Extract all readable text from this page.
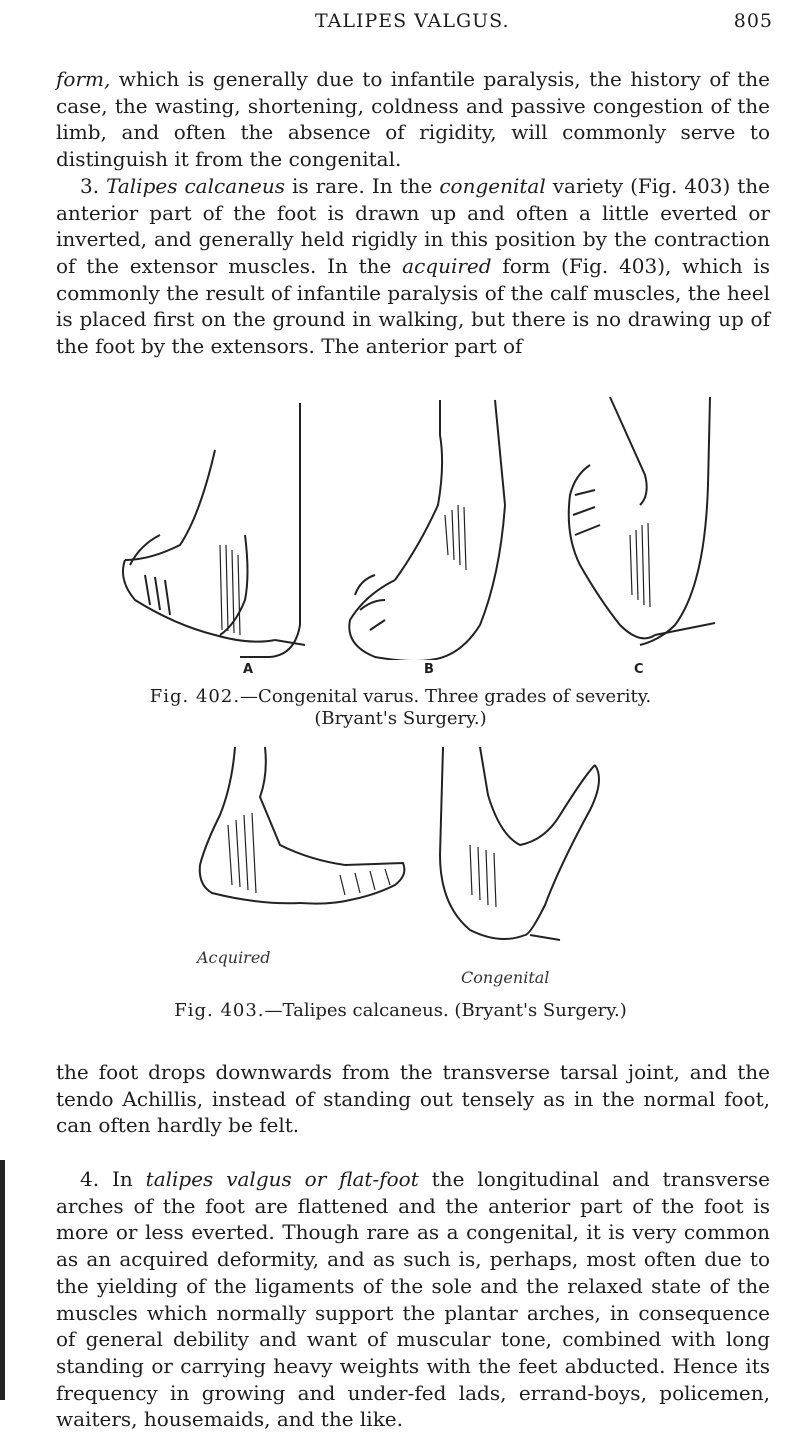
TALIPES VALGUS.	805

form, which is generally due to infantile paralysis, the history of the case, the wasting, shortening, coldness and passive congestion of the limb, and often the absence of rigidity, will commonly serve to distinguish it from the congenital.
3. Talipes calcaneus is rare. In the congenital variety (Fig. 403) the anterior part of the foot is drawn up and often a little everted or inverted, and generally held rigidly in this position by the contraction of the extensor muscles. In the acquired form (Fig. 403), which is commonly the result of infantile paralysis of the calf muscles, the heel is placed first on the ground in walking, but there is no drawing up of the foot by the extensors. The anterior part of

A	B	C
Fig. 402.—Congenital varus. Three grades of severity.
(Bryant's Surgery.)
Acquired
Congenital
Fig. 403.—Talipes calcaneus. (Bryant's Surgery.)

the foot drops downwards from the transverse tarsal joint, and the tendo Achillis, instead of standing out tensely as in the normal foot, can often hardly be felt.

4. In talipes valgus or flat-foot the longitudinal and transverse arches of the foot are flattened and the anterior part of the foot is more or less everted. Though rare as a congenital, it is very common as an acquired deformity, and as such is, perhaps, most often due to the yielding of the ligaments of the sole and the relaxed state of the muscles which normally support the plantar arches, in consequence of general debility and want of muscular tone, combined with long standing or carrying heavy weights with the feet abducted. Hence its frequency in growing and under-fed lads, errand-boys, policemen, waiters, housemaids, and the like.
